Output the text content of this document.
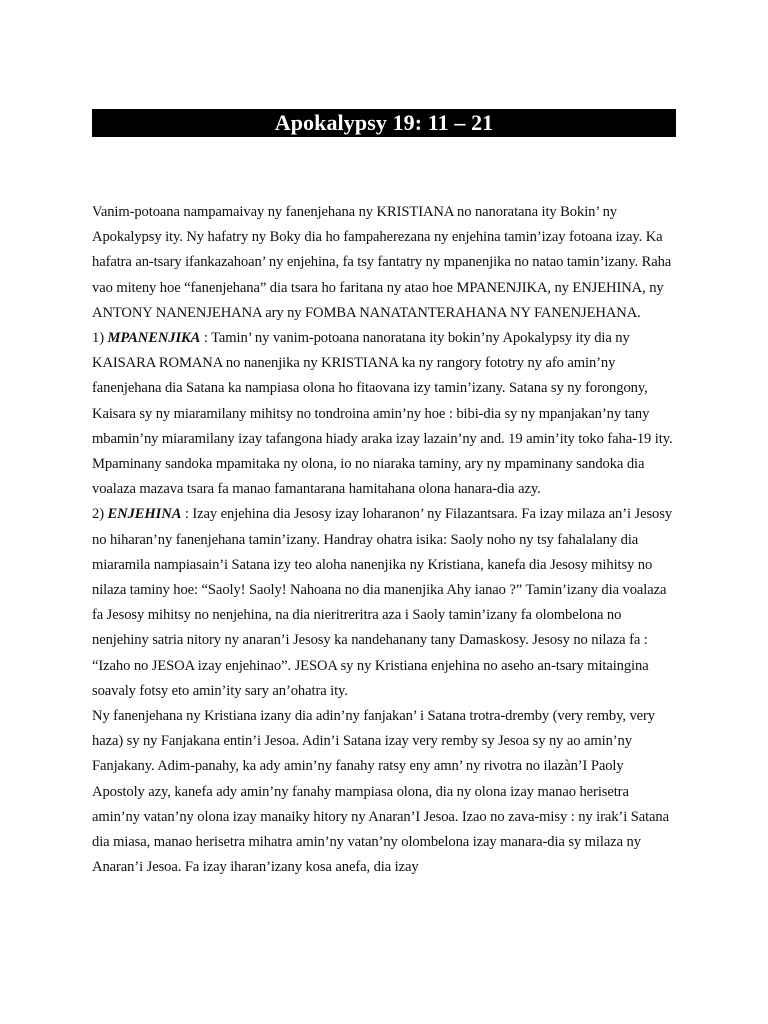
Apokalypsy 19: 11 – 21

Vanim-potoana nampamaivay ny fanenjehana ny KRISTIANA no nanoratana ity Bokin’ ny Apokalypsy ity. Ny hafatry ny Boky dia ho fampaherezana ny enjehina tamin’izay fotoana izay. Ka hafatra an-tsary ifankazahoan’ ny enjehina, fa tsy fantatry ny mpanenjika no natao tamin’izany. Raha vao miteny hoe “fanenjehana” dia tsara ho faritana ny atao hoe MPANENJIKA, ny ENJEHINA, ny ANTONY NANENJEHANA ary ny FOMBA NANATANTERAHANA NY FANENJEHANA.

1) MPANENJIKA : Tamin’ ny vanim-potoana nanoratana ity bokin’ny Apokalypsy ity dia ny KAISARA ROMANA no nanenjika ny KRISTIANA ka ny rangory fototry ny afo amin’ny fanenjehana dia Satana ka nampiasa olona ho fitaovana izy tamin’izany. Satana sy ny forongony, Kaisara sy ny miaramilany mihitsy no tondroina amin’ny hoe : bibi-dia sy ny mpanjakan’ny tany mbamin’ny miaramilany izay tafangona hiady araka izay lazain’ny and. 19 amin’ity toko faha-19 ity. Mpaminany sandoka mpamitaka ny olona, io no niaraka taminy, ary ny mpaminany sandoka dia voalaza mazava tsara fa manao famantarana hamitahana olona hanara-dia azy.

2) ENJEHINA : Izay enjehina dia Jesosy izay loharanon’ ny Filazantsara. Fa izay milaza an’i Jesosy no hiharan’ny fanenjehana tamin’izany. Handray ohatra isika: Saoly noho ny tsy fahalalany dia miaramila nampiasain’i Satana izy teo aloha nanenjika ny Kristiana, kanefa dia Jesosy mihitsy no nilaza taminy hoe: “Saoly! Saoly! Nahoana no dia manenjika Ahy ianao ?” Tamin’izany dia voalaza fa Jesosy mihitsy no nenjehina, na dia nieritreritra aza i Saoly tamin’izany fa olombelona no nenjehiny satria nitory ny anaran’i Jesosy ka nandehanany tany Damaskosy. Jesosy no nilaza fa : “Izaho no JESOA izay enjehinao”. JESOA sy ny Kristiana enjehina no aseho an-tsary mitaingina soavaly fotsy eto amin’ity sary an’ohatra ity.

Ny fanenjehana ny Kristiana izany dia adin’ny fanjakan’ i Satana trotra-dremby (very remby, very haza) sy ny Fanjakana entin’i Jesoa. Adin’i Satana izay very remby sy Jesoa sy ny ao amin’ny Fanjakany. Adim-panahy, ka ady amin’ny fanahy ratsy eny amn’ ny rivotra no ilazàn’I Paoly Apostoly azy, kanefa ady amin’ny fanahy mampiasa olona, dia ny olona izay manao herisetra amin’ny vatan’ny olona izay manaiky hitory ny Anaran’I Jesoa. Izao no zava-misy : ny irak’i Satana dia miasa, manao herisetra mihatra amin’ny vatan’ny olombelona izay manara-dia sy milaza ny Anaran’i Jesoa. Fa izay iharan’izany kosa anefa, dia izay
